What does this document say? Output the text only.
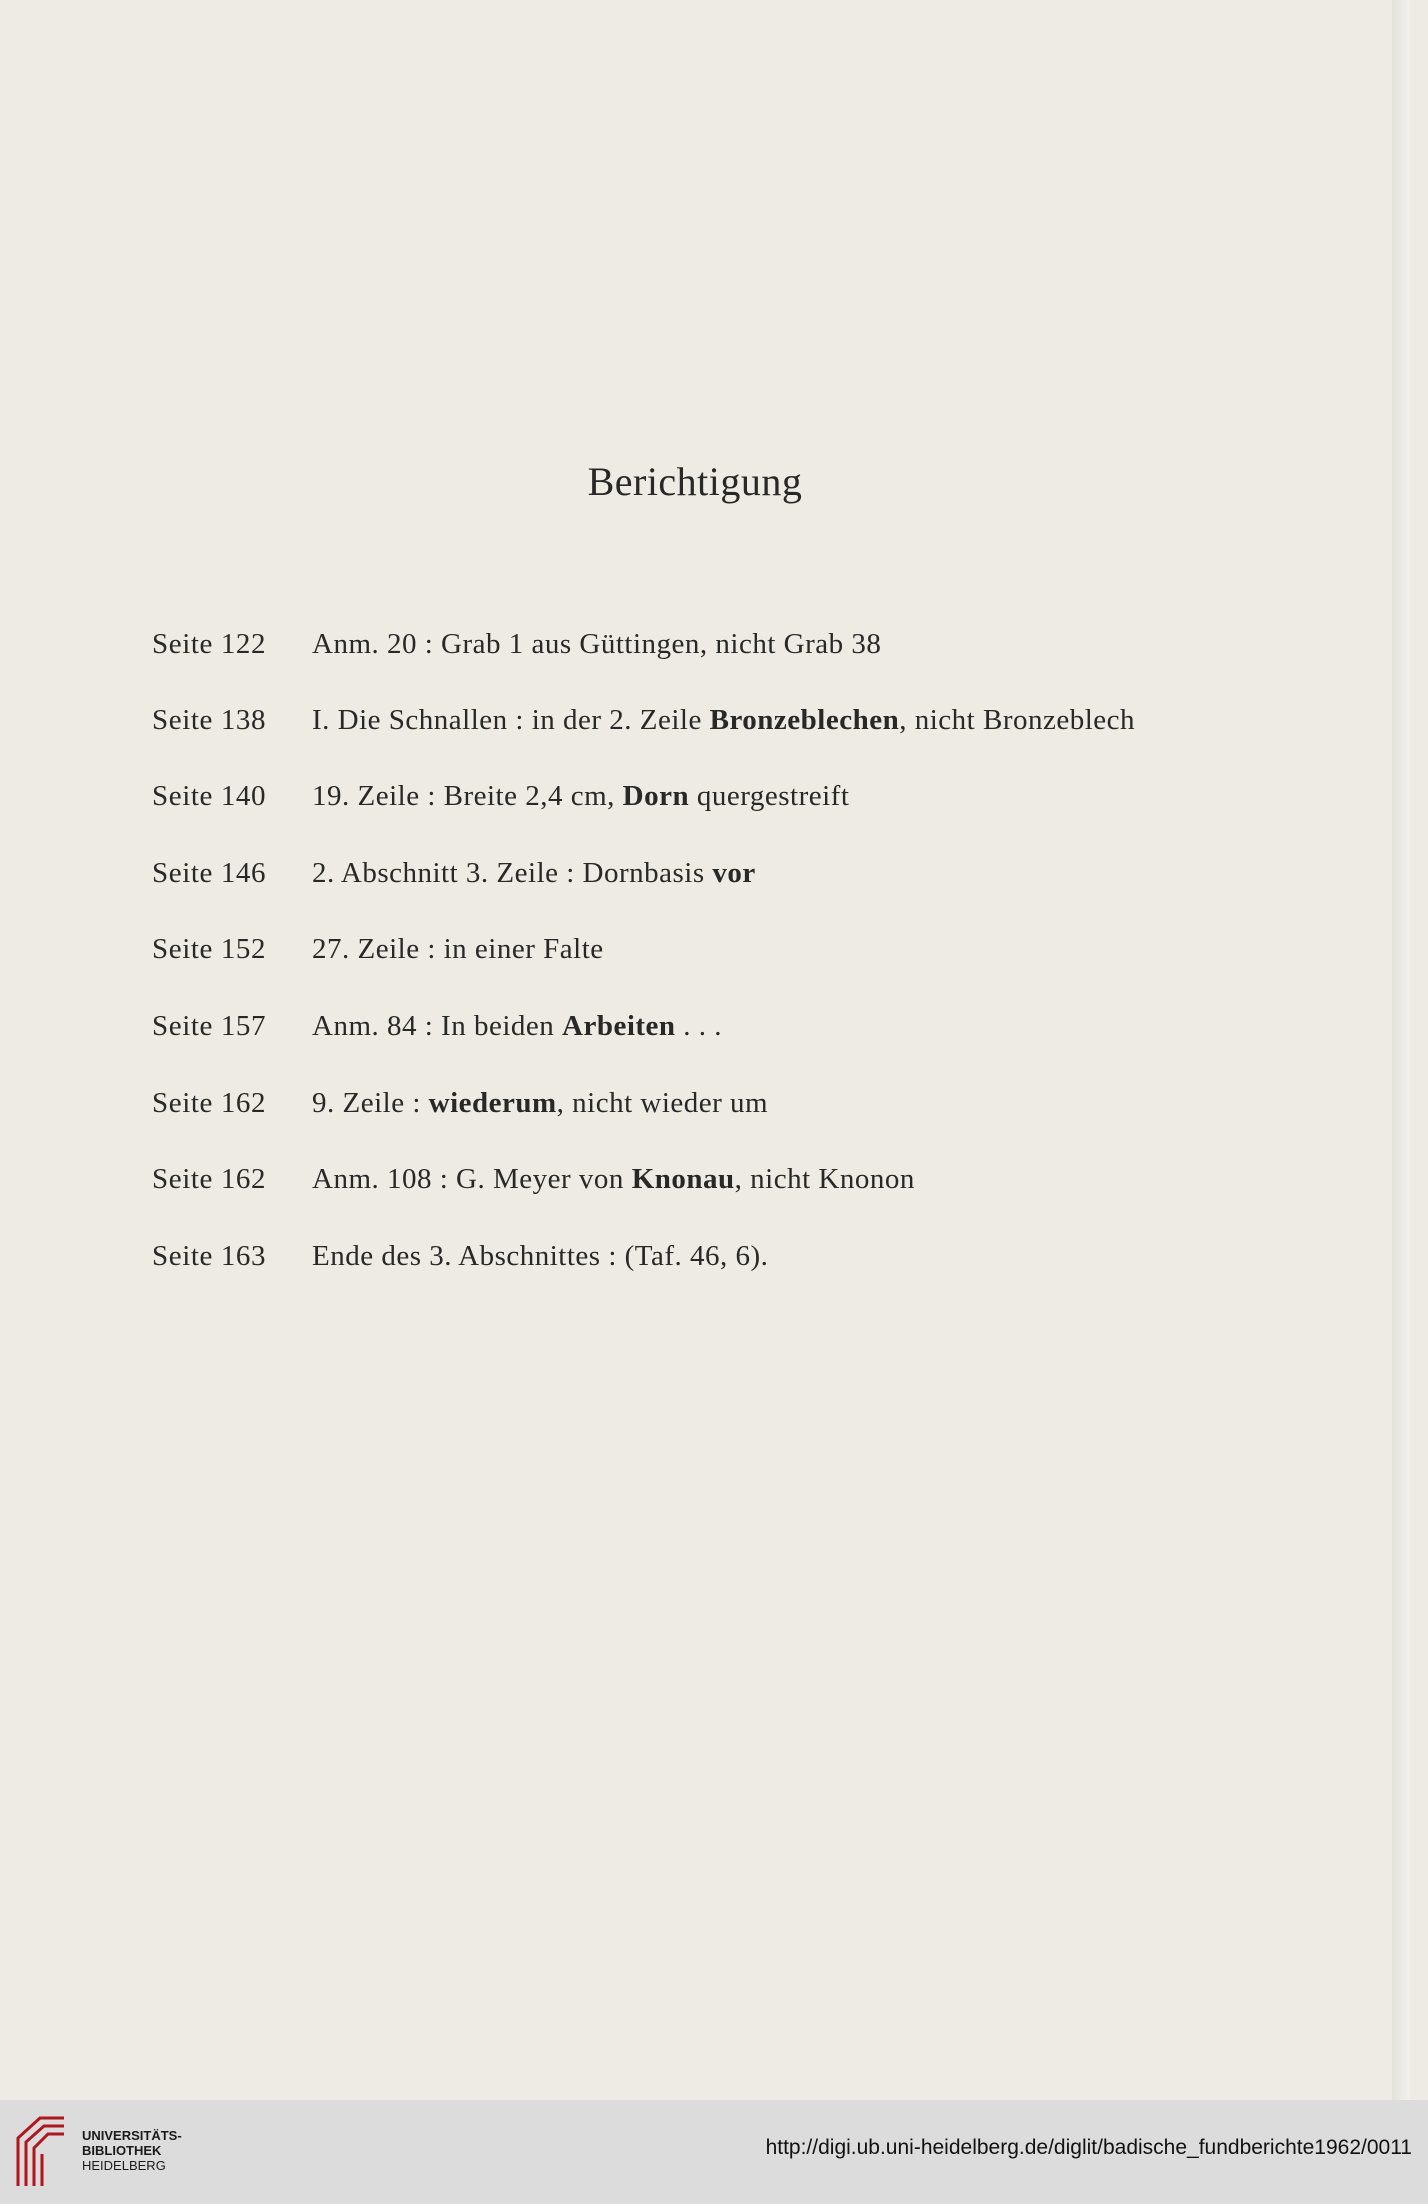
Berichtigung
Seite 122 Anm. 20 : Grab 1 aus Güttingen, nicht Grab 38
Seite 138 I. Die Schnallen : in der 2. Zeile Bronzeblechen, nicht Bronzeblech
Seite 140 19. Zeile : Breite 2,4 cm, Dorn quergestreift
Seite 146 2. Abschnitt 3. Zeile : Dornbasis vor
Seite 152 27. Zeile : in einer Falte
Seite 157 Anm. 84 : In beiden Arbeiten . . .
Seite 162 9. Zeile : wiederum, nicht wieder um
Seite 162 Anm. 108 : G. Meyer von Knonau, nicht Knonon
Seite 163 Ende des 3. Abschnittes : (Taf. 46, 6).
UNIVERSITÄTS-
BIBLIOTHEK
HEIDELBERG
http://digi.ub.uni-heidelberg.de/diglit/badische_fundberichte1962/0011
